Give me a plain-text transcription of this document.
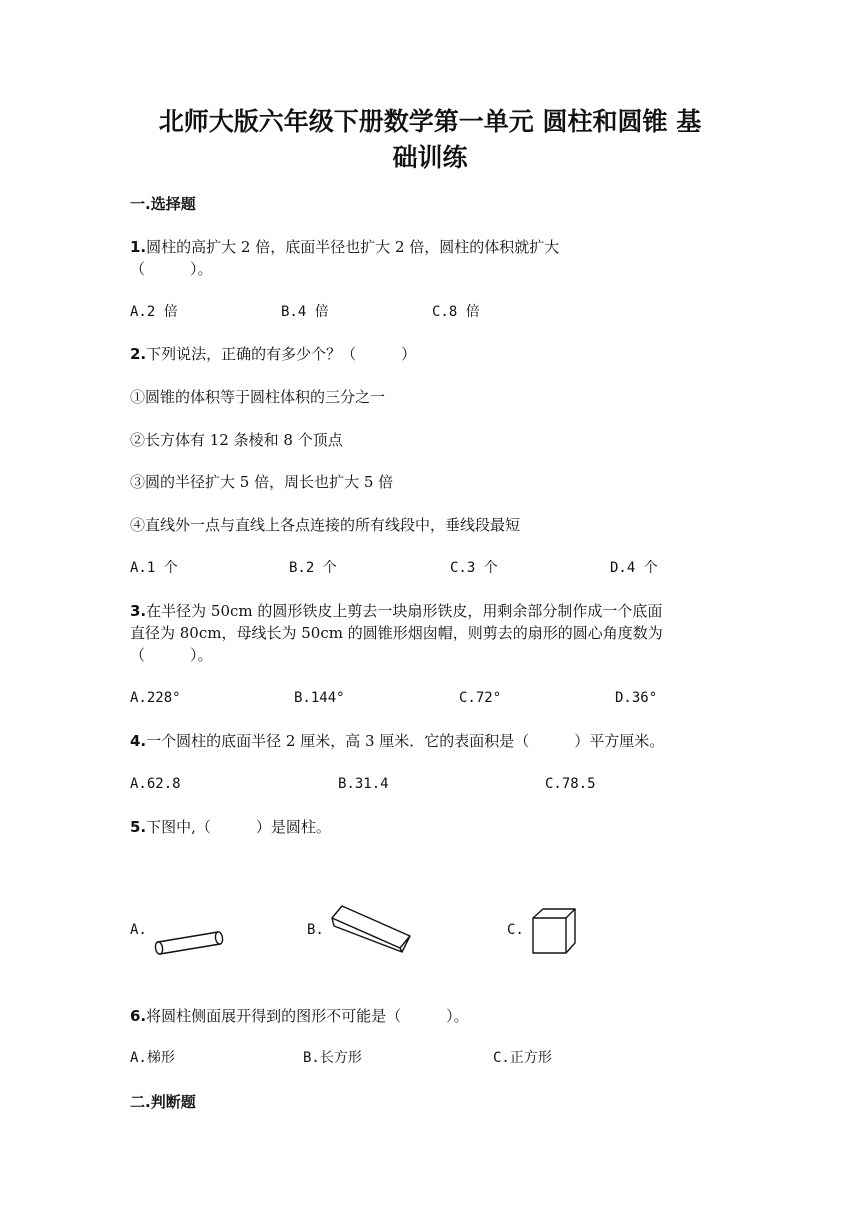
北师大版六年级下册数学第一单元 圆柱和圆锥 基
础训练
一.选择题
1.圆柱的高扩大 2 倍，底面半径也扩大 2 倍，圆柱的体积就扩大
（　　　）。
A.2 倍	B.4 倍	C.8 倍
2.下列说法，正确的有多少个？（　　　）
①圆锥的体积等于圆柱体积的三分之一
②长方体有 12 条棱和 8 个顶点
③圆的半径扩大 5 倍，周长也扩大 5 倍
④直线外一点与直线上各点连接的所有线段中，垂线段最短
A.1 个	B.2 个	C.3 个	D.4 个
3.在半径为 50cm 的圆形铁皮上剪去一块扇形铁皮，用剩余部分制作成一个底面
直径为 80cm，母线长为 50cm 的圆锥形烟囱帽，则剪去的扇形的圆心角度数为
（　　　）。
A.228°	B.144°	C.72°	D.36°
4.一个圆柱的底面半径 2 厘米，高 3 厘米．它的表面积是（　　　）平方厘米。
A.62.8	B.31.4	C.78.5
5.下图中,（　　　）是圆柱。
A.	B.	C.
6.将圆柱侧面展开得到的图形不可能是（　　　）。
A.梯形	B.长方形	C.正方形
二.判断题
